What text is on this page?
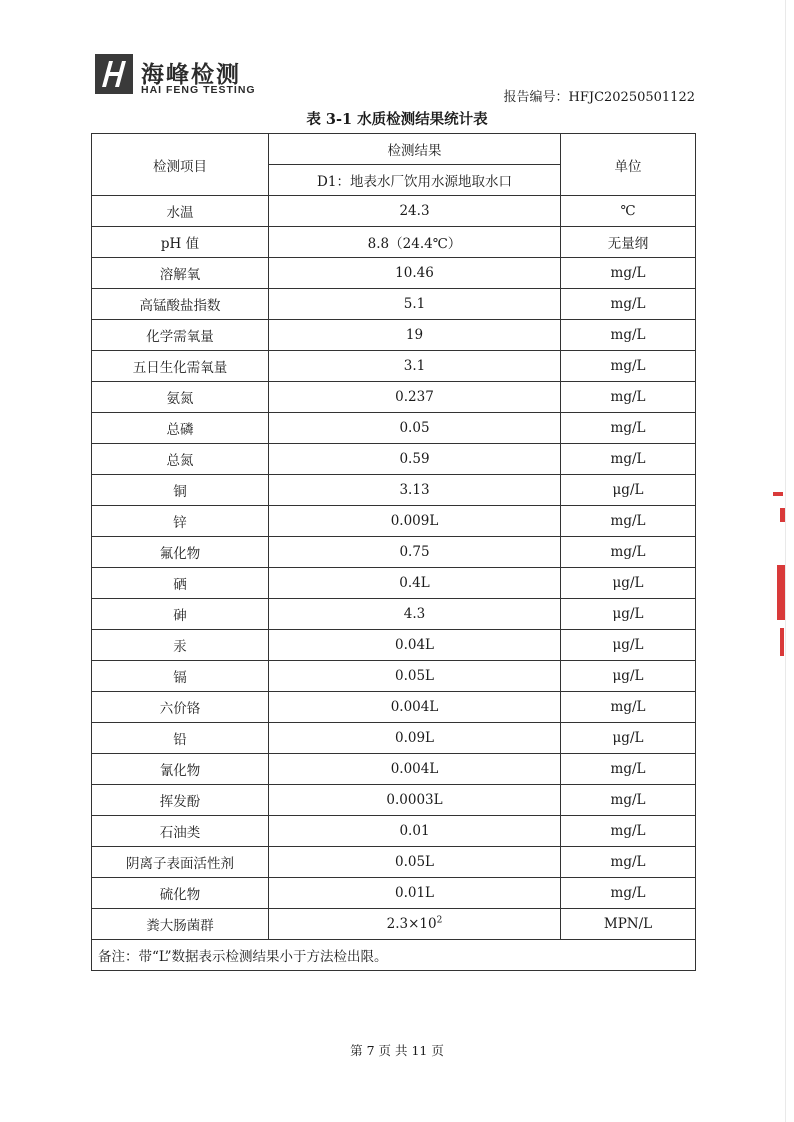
海峰检测
HAI FENG TESTING	报告编号：HFJC20250501122
表 3-1 水质检测结果统计表
检测项目	检测结果	单位
	D1：地表水厂饮用水源地取水口	
水温	24.3	℃
pH 值	8.8（24.4℃）	无量纲
溶解氧	10.46	mg/L
高锰酸盐指数	5.1	mg/L
化学需氧量	19	mg/L
五日生化需氧量	3.1	mg/L
氨氮	0.237	mg/L
总磷	0.05	mg/L
总氮	0.59	mg/L
铜	3.13	μg/L
锌	0.009L	mg/L
氟化物	0.75	mg/L
硒	0.4L	μg/L
砷	4.3	μg/L
汞	0.04L	μg/L
镉	0.05L	μg/L
六价铬	0.004L	mg/L
铅	0.09L	μg/L
氰化物	0.004L	mg/L
挥发酚	0.0003L	mg/L
石油类	0.01	mg/L
阴离子表面活性剂	0.05L	mg/L
硫化物	0.01L	mg/L
粪大肠菌群	$2.3\times 10^2$	MPN/L
备注：带“L”数据表示检测结果小于方法检出限。		
第 7 页 共 11 页
